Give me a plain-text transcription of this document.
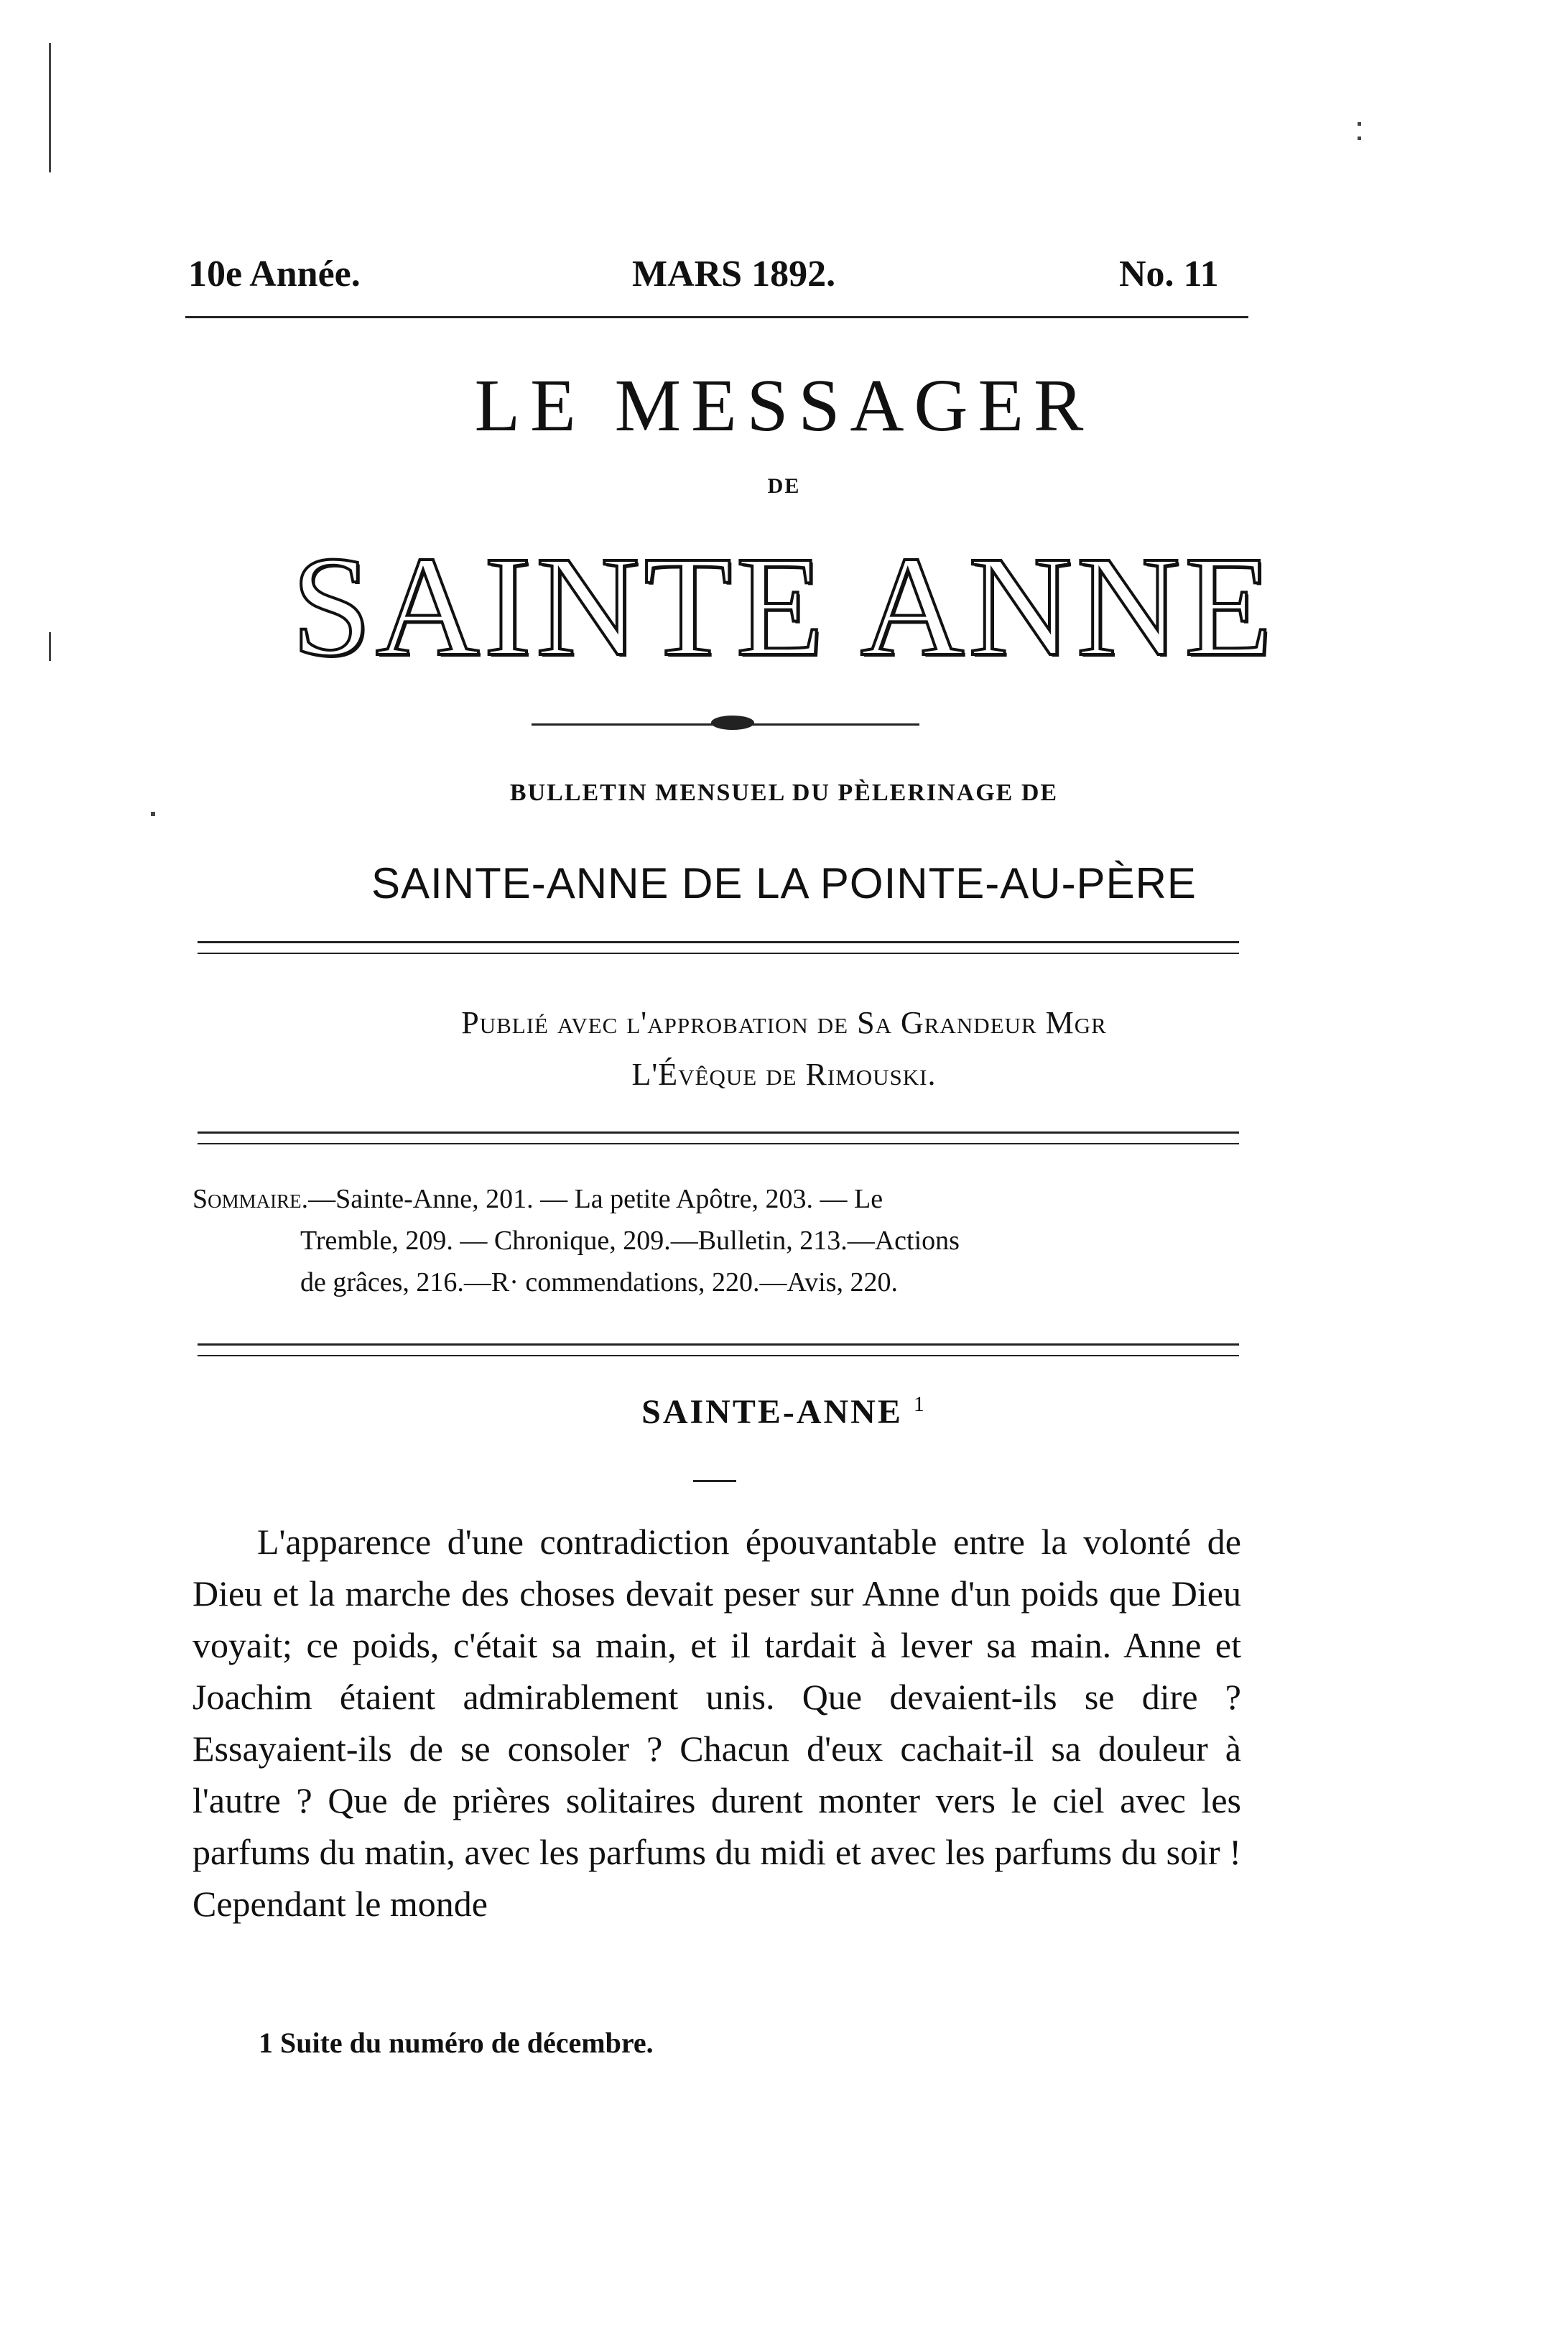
10e Année.	MARS 1892.	No. 11
LE MESSAGER
DE
SAINTE ANNE
BULLETIN MENSUEL DU PÈLERINAGE DE
SAINTE-ANNE DE LA POINTE-AU-PÈRE
Publié avec l'approbation de Sa Grandeur Mgr
L'Évêque de Rimouski.
Sommaire.—Sainte-Anne, 201. — La petite Apôtre, 203. — Le
Tremble, 209. — Chronique, 209.—Bulletin, 213.—Actions
de grâces, 216.—R· commendations, 220.—Avis, 220.
SAINTE-ANNE $^1$
L'apparence d'une contradiction épouvantable entre la volonté de Dieu et la marche des choses devait peser sur Anne d'un poids que Dieu voyait; ce poids, c'était sa main, et il tardait à lever sa main. Anne et Joachim étaient admirablement unis. Que devaient-ils se dire ? Essayaient-ils de se consoler ? Chacun d'eux cachait-il sa douleur à l'autre ? Que de prières solitaires durent monter vers le ciel avec les parfums du matin, avec les parfums du midi et avec les parfums du soir ! Cependant le monde
1 Suite du numéro de décembre.
